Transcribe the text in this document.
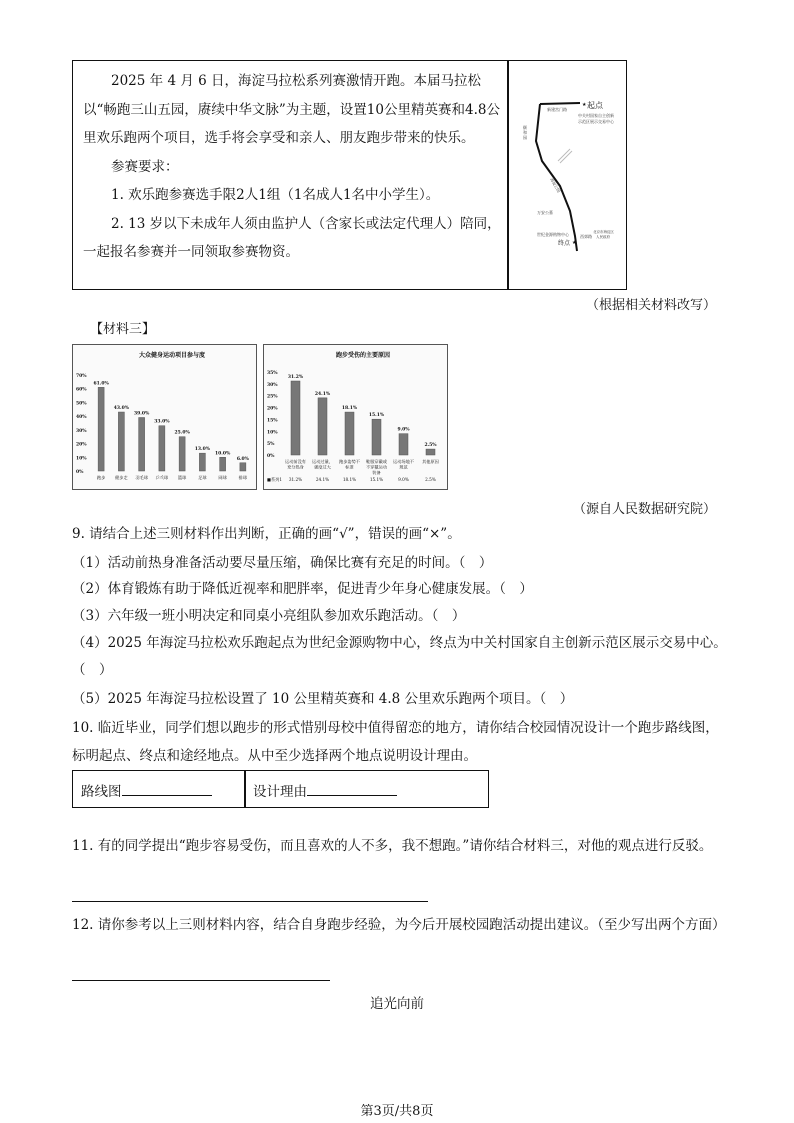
2025 年 4 月 6 日，海淀马拉松系列赛激情开跑。本届马拉松以“畅跑三山五园，赓续中华文脉”为主题，设置10公里精英赛和4.8公里欢乐跑两个项目，选手将会享受和亲人、朋友跑步带来的快乐。

参赛要求：

1. 欢乐跑参赛选手限2人1组（1名成人1名中小学生）。

2. 13 岁以下未成年人须由监护人（含家长或法定代理人）陪同，一起报名参赛并一同领取参赛物资。

★ 起点
中关村国家自主创新
示范区展示交易中心
新建宫门路
颐
和
园
海淀公园
万安公墓
世纪金源购物中心
终点 ★
西郊路
北京市海淀区
人民政府
（根据相关材料改写）
【材料三】
大众健身运动项目参与度
0%
10%
20%
30%
40%
50%
60%
70%
61.0%
跑步
43.0%
健步走
39.0%
羽毛球
33.0%
乒乓球
25.0%
篮球
13.0%
足球
10.0%
网球
6.0%
排球
跑步受伤的主要原因
0%
5%
10%
15%
20%
25%
30%
35%
31.2%
运动前没有
充分热身
31.2%
24.1%
运动过量，
强度过大
24.1%
18.1%
跑步姿势不
标准
18.1%
15.1%
鞋服穿戴或
不穿戴运动
装备
15.1%
9.0%
运动场地不
规范
9.0%
2.5%
其他原因
2.5%
■系列1
（源自人民数据研究院）
9. 请结合上述三则材料作出判断，正确的画“√”，错误的画“×”。
（1）活动前热身准备活动要尽量压缩，确保比赛有充足的时间。（　）
（2）体育锻炼有助于降低近视率和肥胖率，促进青少年身心健康发展。（　）
（3）六年级一班小明决定和同桌小亮组队参加欢乐跑活动。（　）
（4）2025 年海淀马拉松欢乐跑起点为世纪金源购物中心，终点为中关村国家自主创新示范区展示交易中心。（　）
（5）2025 年海淀马拉松设置了 10 公里精英赛和 4.8 公里欢乐跑两个项目。（　）
10. 临近毕业，同学们想以跑步的形式惜别母校中值得留恋的地方，请你结合校园情况设计一个跑步路线图，标明起点、终点和途经地点。从中至少选择两个地点说明设计理由。
路线图	设计理由
11. 有的同学提出“跑步容易受伤，而且喜欢的人不多，我不想跑。”请你结合材料三，对他的观点进行反驳。
12. 请你参考以上三则材料内容，结合自身跑步经验，为今后开展校园跑活动提出建议。（至少写出两个方面）
追光向前
第3页/共8页
